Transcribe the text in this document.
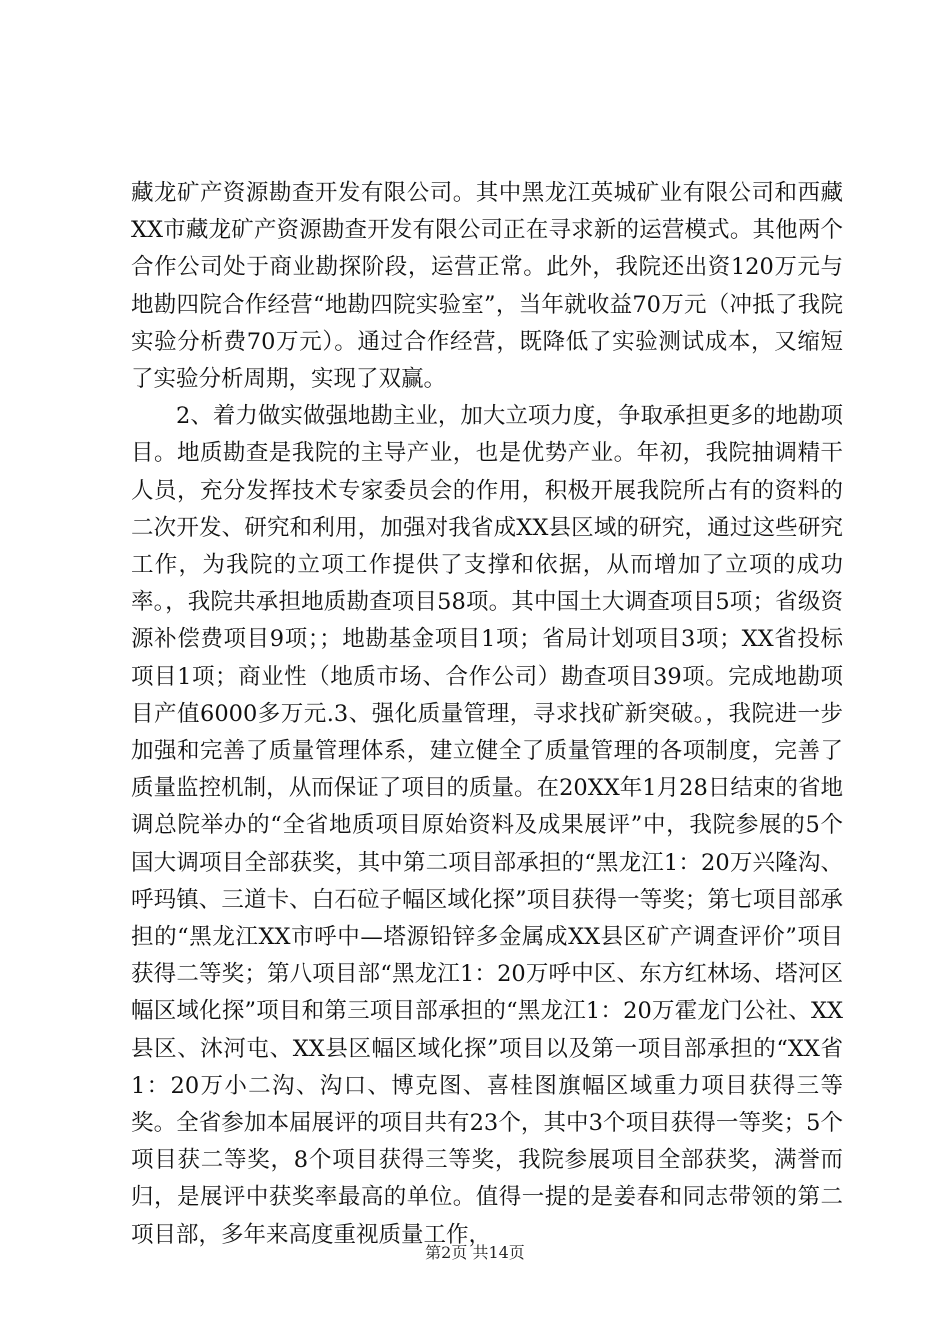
藏龙矿产资源勘查开发有限公司。其中黑龙江英城矿业有限公司和西藏XX市藏龙矿产资源勘查开发有限公司正在寻求新的运营模式。其他两个合作公司处于商业勘探阶段，运营正常。此外，我院还出资120万元与地勘四院合作经营“地勘四院实验室”，当年就收益70万元（冲抵了我院实验分析费70万元）。通过合作经营，既降低了实验测试成本，又缩短了实验分析周期，实现了双赢。

2、着力做实做强地勘主业，加大立项力度，争取承担更多的地勘项目。地质勘查是我院的主导产业，也是优势产业。年初，我院抽调精干人员，充分发挥技术专家委员会的作用，积极开展我院所占有的资料的二次开发、研究和利用，加强对我省成XX县区域的研究，通过这些研究工作，为我院的立项工作提供了支撑和依据，从而增加了立项的成功率。，我院共承担地质勘查项目58项。其中国土大调查项目5项；省级资源补偿费项目9项；；地勘基金项目1项；省局计划项目3项；XX省投标项目1项；商业性（地质市场、合作公司）勘查项目39项。完成地勘项目产值6000多万元.3、强化质量管理，寻求找矿新突破。，我院进一步加强和完善了质量管理体系，建立健全了质量管理的各项制度，完善了质量监控机制，从而保证了项目的质量。在20XX年1月28日结束的省地调总院举办的“全省地质项目原始资料及成果展评”中，我院参展的5个国大调项目全部获奖，其中第二项目部承担的“黑龙江1：20万兴隆沟、呼玛镇、三道卡、白石砬子幅区域化探”项目获得一等奖；第七项目部承担的“黑龙江XX市呼中—塔源铅锌多金属成XX县区矿产调查评价”项目获得二等奖；第八项目部“黑龙江1：20万呼中区、东方红林场、塔河区幅区域化探”项目和第三项目部承担的“黑龙江1：20万霍龙门公社、XX县区、沐河屯、XX县区幅区域化探”项目以及第一项目部承担的“XX省1：20万小二沟、沟口、博克图、喜桂图旗幅区域重力项目获得三等奖。全省参加本届展评的项目共有23个，其中3个项目获得一等奖；5个项目获二等奖，8个项目获得三等奖，我院参展项目全部获奖，满誉而归，是展评中获奖率最高的单位。值得一提的是姜春和同志带领的第二项目部，多年来高度重视质量工作，

第2页 共14页
